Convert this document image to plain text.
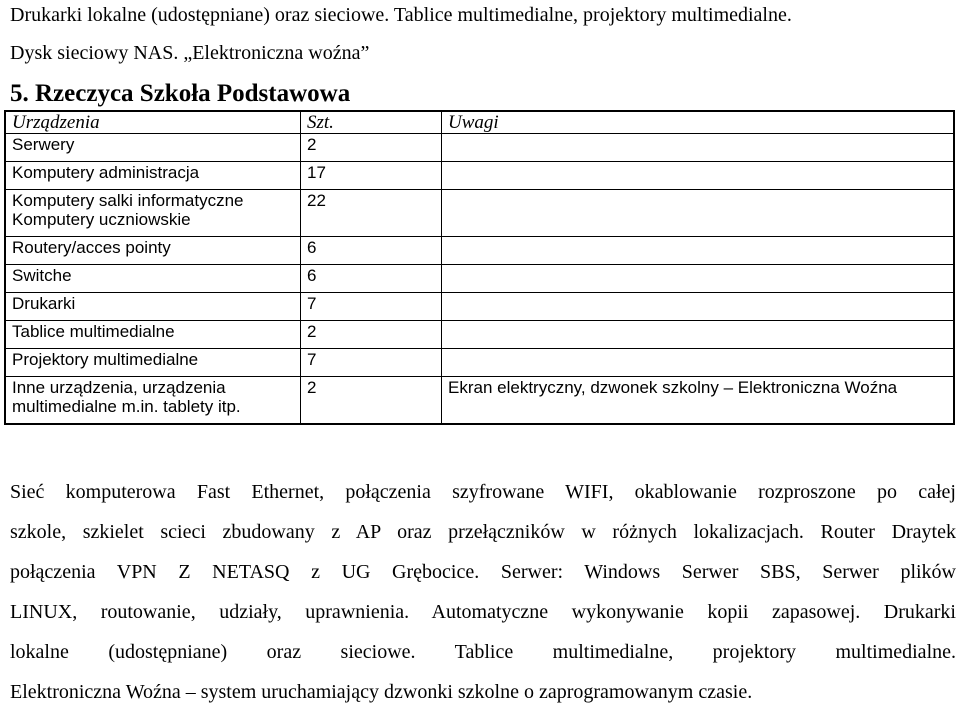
Drukarki lokalne (udostępniane) oraz sieciowe. Tablice multimedialne, projektory multimedialne.
Dysk sieciowy NAS. „Elektroniczna woźna”
5. Rzeczyca Szkoła Podstawowa
Urządzenia	Szt.	Uwagi
Serwery	2	
Komputery administracja	17	
Komputery salki informatyczne Komputery uczniowskie	22	
Routery/acces pointy	6	
Switche	6	
Drukarki	7	
Tablice multimedialne	2	
Projektory multimedialne	7	
Inne urządzenia, urządzenia multimedialne m.in. tablety itp.	2	Ekran elektryczny, dzwonek szkolny – Elektroniczna Woźna

Sieć komputerowa Fast Ethernet, połączenia szyfrowane WIFI, okablowanie rozproszone po całej

szkole, szkielet scieci zbudowany z AP oraz przełączników w różnych lokalizacjach. Router Draytek

połączenia VPN Z NETASQ z UG Grębocice. Serwer: Windows Serwer SBS, Serwer plików

LINUX, routowanie, udziały, uprawnienia. Automatyczne wykonywanie kopii zapasowej. Drukarki

lokalne (udostępniane) oraz sieciowe. Tablice multimedialne, projektory multimedialne.

Elektroniczna Woźna – system uruchamiający dzwonki szkolne o zaprogramowanym czasie.
